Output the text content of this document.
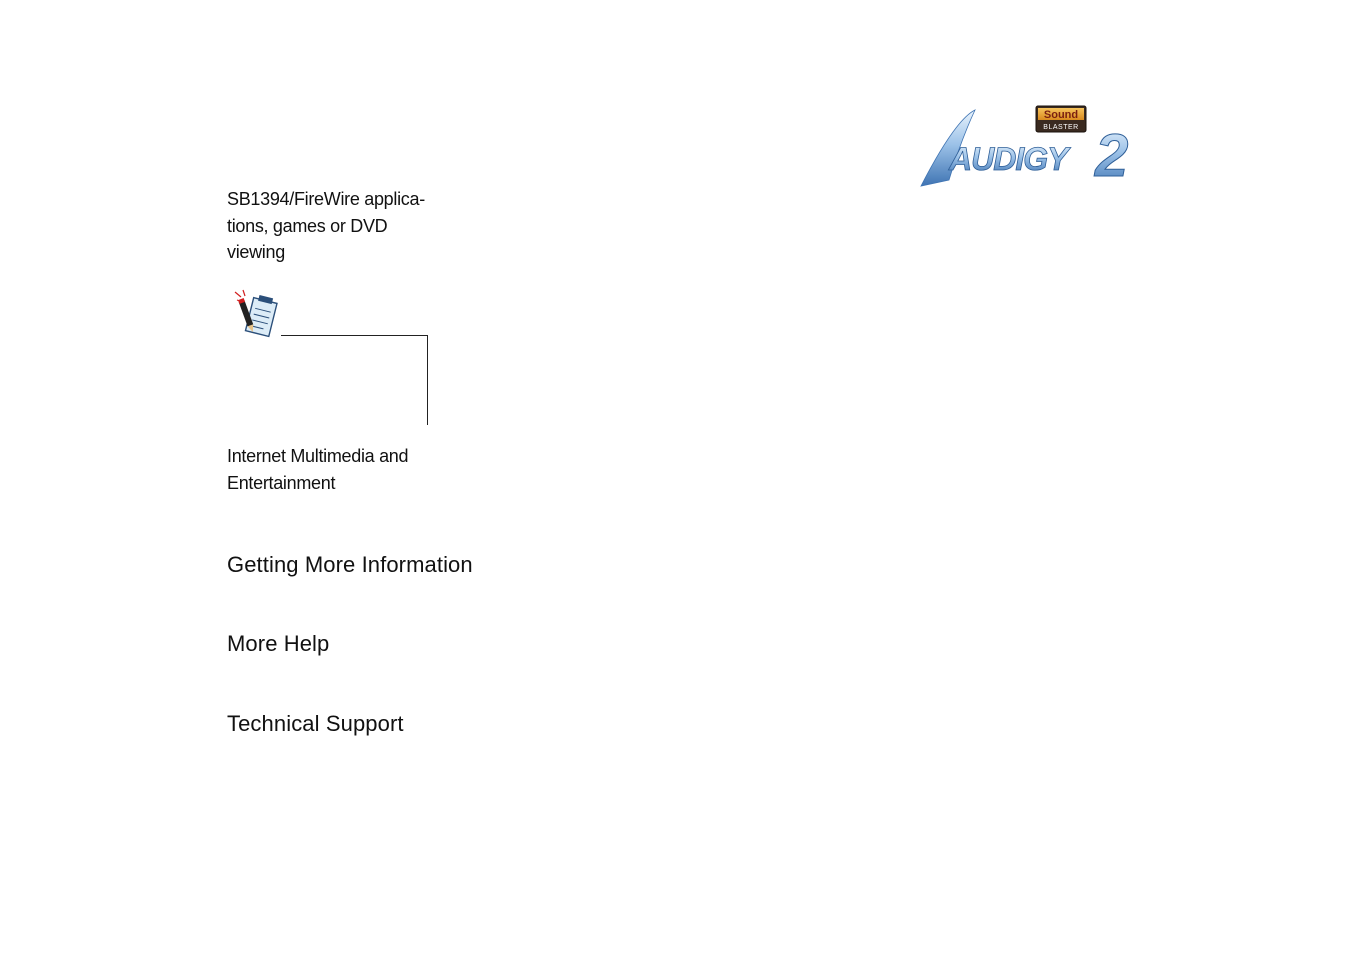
SB1394/FireWire applica-tions, games or DVD viewing

Internet Multimedia and Entertainment

Getting More Information
More Help
Technical Support
Sound
BLASTER
AUDIGY 2
